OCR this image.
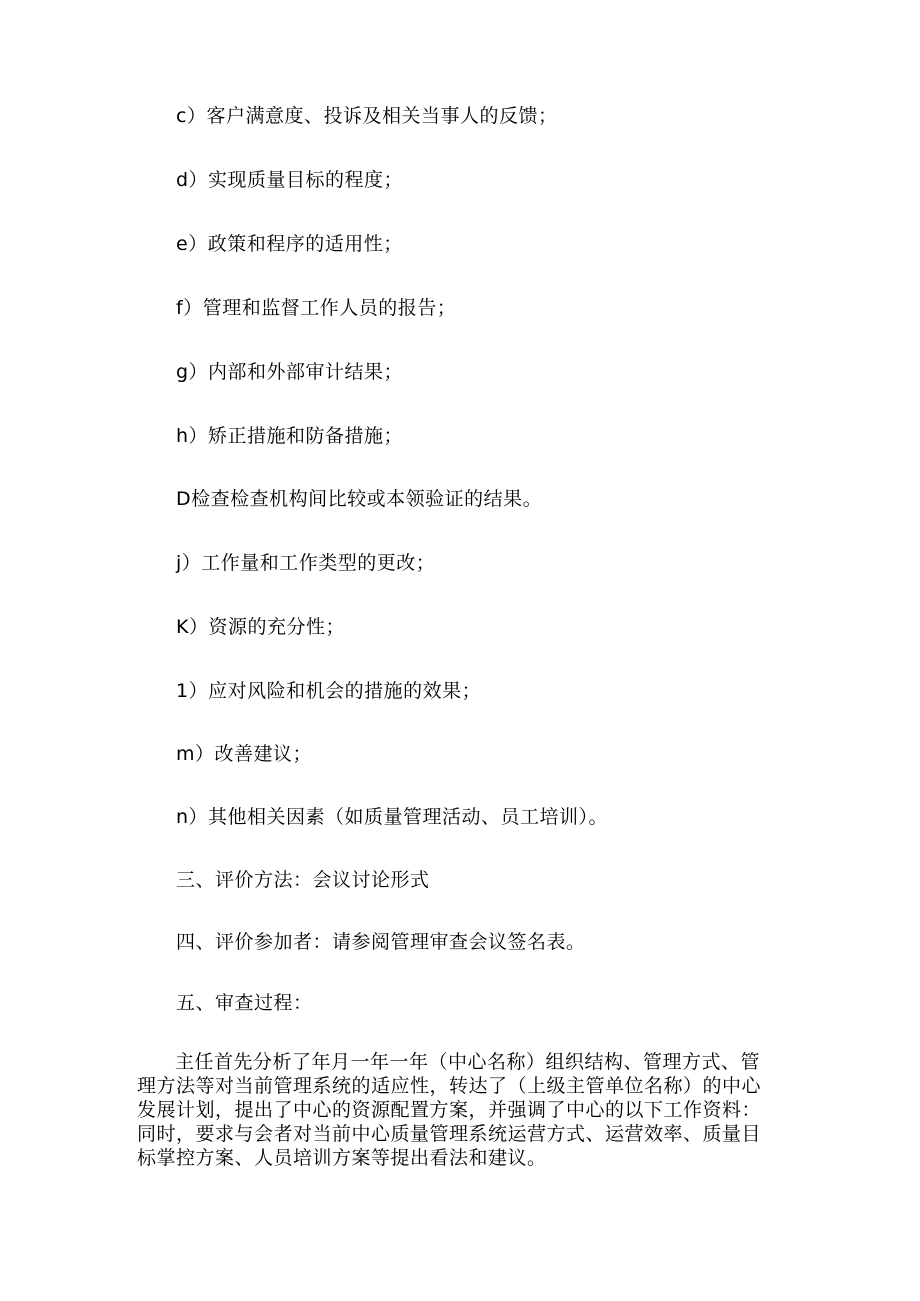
c）客户满意度、投诉及相关当事人的反馈；
d）实现质量目标的程度；
e）政策和程序的适用性；
f）管理和监督工作人员的报告；
g）内部和外部审计结果；
h）矫正措施和防备措施；
D检查检查机构间比较或本领验证的结果。
j）工作量和工作类型的更改；
K）资源的充分性；
1）应对风险和机会的措施的效果；
m）改善建议；
n）其他相关因素（如质量管理活动、员工培训）。
三、评价方法：会议讨论形式
四、评价参加者：请参阅管理审查会议签名表。
五、审查过程：
主任首先分析了年月一年一年（中心名称）组织结构、管理方式、管
理方法等对当前管理系统的适应性，转达了（上级主管单位名称）的中心
发展计划，提出了中心的资源配置方案，并强调了中心的以下工作资料：
同时，要求与会者对当前中心质量管理系统运营方式、运营效率、质量目
标掌控方案、人员培训方案等提出看法和建议。
